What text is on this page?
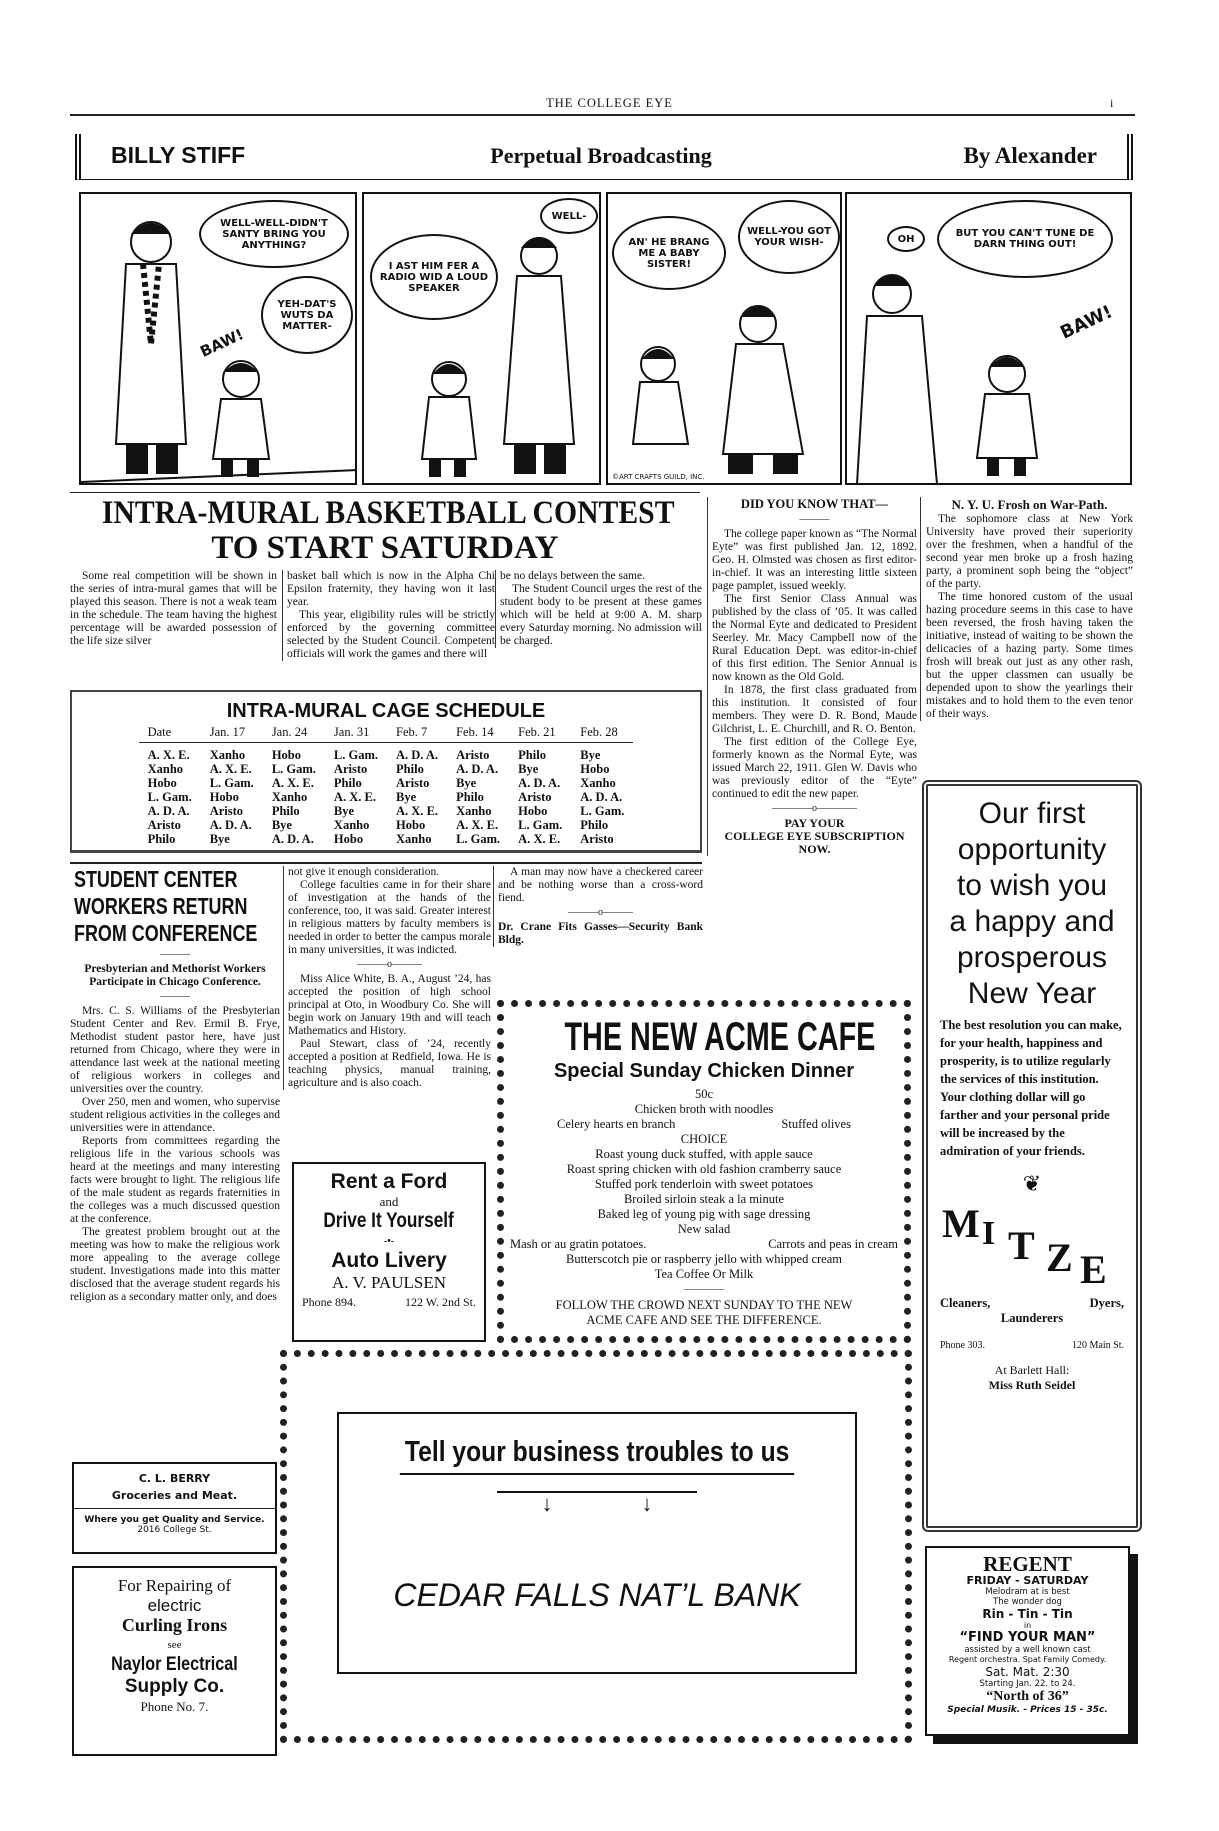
THE COLLEGE EYE	i
BILLY STIFF	Perpetual Broadcasting	By Alexander
WELL-WELL-DIDN'T SANTY BRING YOU ANYTHING?
YEH-DAT'S WUTS DA MATTER-
BAW!
I AST HIM FER A RADIO WID A LOUD SPEAKER
WELL-
AN' HE BRANG ME A BABY SISTER!
WELL-YOU GOT YOUR WISH-
©ART CRAFTS GUILD, INC.
OH	BUT YOU CAN'T TUNE DE DARN THING OUT!
BAW!
INTRA-MURAL BASKETBALL CONTEST
TO START SATURDAY

Some real competition will be shown in the series of intra-mural games that will be played this season. There is not a weak team in the schedule. The team having the highest percentage will be awarded possession of the life size silver

basket ball which is now in the Alpha Chi Epsilon fraternity, they having won it last year.

This year, eligibility rules will be strictly enforced by the governing committee selected by the Student Council. Competent officials will work the games and there will

be no delays between the same.

The Student Council urges the rest of the student body to be present at these games which will be held at 9:00 A. M. sharp every Saturday morning. No admission will be charged.

INTRA-MURAL CAGE SCHEDULE
Date	Jan. 17	Jan. 24	Jan. 31	Feb. 7	Feb. 14	Feb. 21	Feb. 28
A. X. E.	Xanho	Hobo	L. Gam.	A. D. A.	Aristo	Philo	Bye
Xanho	A. X. E.	L. Gam.	Aristo	Philo	A. D. A.	Bye	Hobo
Hobo	L. Gam.	A. X. E.	Philo	Aristo	Bye	A. D. A.	Xanho
L. Gam.	Hobo	Xanho	A. X. E.	Bye	Philo	Aristo	A. D. A.
A. D. A.	Aristo	Philo	Bye	A. X. E.	Xanho	Hobo	L. Gam.
Aristo	A. D. A.	Bye	Xanho	Hobo	A. X. E.	L. Gam.	Philo
Philo	Bye	A. D. A.	Hobo	Xanho	L. Gam.	A. X. E.	Aristo
DID YOU KNOW THAT—
———

The college paper known as “The Normal Eyte” was first published Jan. 12, 1892. Geo. H. Olmsted was chosen as first editor-in-chief. It was an interesting little sixteen page pamplet, issued weekly.

The first Senior Class Annual was published by the class of ’05. It was called the Normal Eyte and dedicated to President Seerley. Mr. Macy Campbell now of the Rural Education Dept. was editor-in-chief of this first edition. The Senior Annual is now known as the Old Gold.

In 1878, the first class graduated from this institution. It consisted of four members. They were D. R. Bond, Maude Gilchrist, L. E. Churchill, and R. O. Benton.

The first edition of the College Eye, formerly known as the Normal Eyte, was issued March 22, 1911. Glen W. Davis who was previously editor of the “Eyte” continued to edit the new paper.

————o————
PAY YOUR
COLLEGE EYE SUBSCRIPTION
NOW.
N. Y. U. Frosh on War-Path.

The sophomore class at New York University have proved their superiority over the freshmen, when a handful of the second year men broke up a frosh hazing party, a prominent soph being the “object” of the party.

The time honored custom of the usual hazing procedure seems in this case to have been reversed, the frosh having taken the initiative, instead of waiting to be shown the delicacies of a hazing party. Some times frosh will break out just as any other rash, but the upper classmen can usually be depended upon to show the yearlings their mistakes and to hold them to the even tenor of their ways.

Our first
opportunity
to wish you
a happy and
prosperous
New Year
The best resolution you can make, for your health, happiness and prosperity, is to utilize regularly the services of this institution. Your clothing dollar will go farther and your personal pride will be increased by the admiration of your friends.
❦
M I T Z E
Cleaners,	Dyers,
Launderers
Phone 303.	120 Main St.
At Barlett Hall:
Miss Ruth Seidel
REGENT
FRIDAY - SATURDAY
Melodram at is best
The wonder dog
Rin - Tin - Tin
in
“FIND YOUR MAN”
assisted by a well known cast
Regent orchestra. Spat Family Comedy.
Sat. Mat. 2:30
Starting Jan. 22. to 24.
“North of 36”
Special Musik. - Prices 15 - 35c.
STUDENT CENTER
WORKERS RETURN
FROM CONFERENCE
———
Presbyterian and Methorist Workers Participate in Chicago Conference.
———

Mrs. C. S. Williams of the Presbyterian Student Center and Rev. Ermil B. Frye, Methodist student pastor here, have just returned from Chicago, where they were in attendance last week at the national meeting of religious workers in colleges and universities over the country.

Over 250, men and women, who supervise student religious activities in the colleges and universities were in attendance.

Reports from committees regarding the religious life in the various schools was heard at the meetings and many interesting facts were brought to light. The religious life of the male student as regards fraternities in the colleges was a much discussed question at the conference.

The greatest problem brought out at the meeting was how to make the religious work more appealing to the average college student. Investigations made into this matter disclosed that the average student regards his religion as a secondary matter only, and does

not give it enough consideration.

College faculties came in for their share of investigation at the hands of the conference, too, it was said. Greater interest in religious matters by faculty members is needed in order to better the campus morale in many universities, it was indicted.

———o———

Miss Alice White, B. A., August ’24, has accepted the position of high school principal at Oto, in Woodbury Co. She will begin work on January 19th and will teach Mathematics and History.

Paul Stewart, class of ’24, recently accepted a position at Redfield, Iowa. He is teaching physics, manual training, agriculture and is also coach.

Rent a Ford
and
Drive It Yourself
-•-
Auto Livery
A. V. PAULSEN
Phone 894.	122 W. 2nd St.

A man may now have a checkered career and be nothing worse than a cross-word fiend.

———o———

Dr. Crane Fits Gasses—Security Bank Bldg.

THE NEW ACME CAFE
Special Sunday Chicken Dinner
50c
Chicken broth with noodles
Celery hearts en branch	Stuffed olives
CHOICE
Roast young duck stuffed, with apple sauce
Roast spring chicken with old fashion cramberry sauce
Stuffed pork tenderloin with sweet potatoes
Broiled sirloin steak a la minute
Baked leg of young pig with sage dressing
New salad
Mash or au gratin potatoes.	Carrots and peas in cream
Butterscotch pie or raspberry jello with whipped cream
Tea Coffee Or Milk
————
FOLLOW THE CROWD NEXT SUNDAY TO THE NEW ACME CAFE AND SEE THE DIFFERENCE.
C. L. BERRY
Groceries and Meat.
Where you get Quality and Service.
2016 College St.
For Repairing of
electric
Curling Irons
see
Naylor Electrical
Supply Co.
Phone No. 7.
Tell your business troubles to us
↓	↓
CEDAR FALLS NAT’L BANK
